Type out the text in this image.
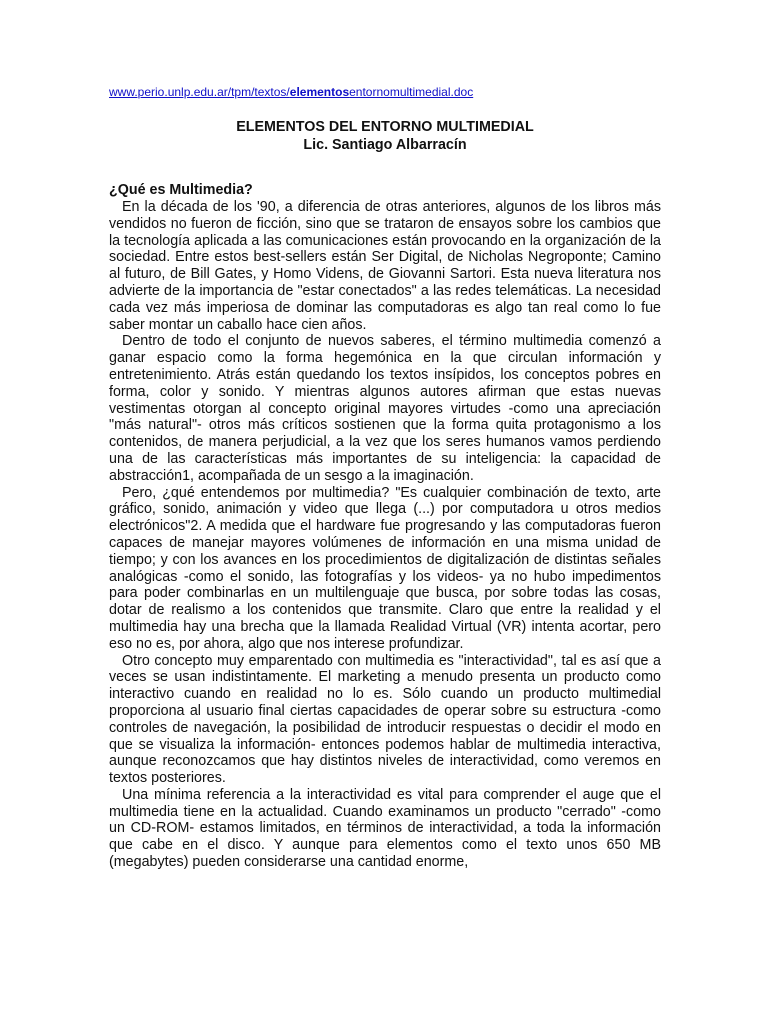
www.perio.unlp.edu.ar/tpm/textos/elementosentornomultimedial.doc
ELEMENTOS DEL ENTORNO MULTIMEDIAL
Lic. Santiago Albarracín
¿Qué es Multimedia?

En la década de los '90, a diferencia de otras anteriores, algunos de los libros más vendidos no fueron de ficción, sino que se trataron de ensayos sobre los cambios que la tecnología aplicada a las comunicaciones están provocando en la organización de la sociedad. Entre estos best-sellers están Ser Digital, de Nicholas Negroponte; Camino al futuro, de Bill Gates, y Homo Videns, de Giovanni Sartori. Esta nueva literatura nos advierte de la importancia de "estar conectados" a las redes telemáticas. La necesidad cada vez más imperiosa de dominar las computadoras es algo tan real como lo fue saber montar un caballo hace cien años.

Dentro de todo el conjunto de nuevos saberes, el término multimedia comenzó a ganar espacio como la forma hegemónica en la que circulan información y entretenimiento. Atrás están quedando los textos insípidos, los conceptos pobres en forma, color y sonido. Y mientras algunos autores afirman que estas nuevas vestimentas otorgan al concepto original mayores virtudes -como una apreciación "más natural"- otros más críticos sostienen que la forma quita protagonismo a los contenidos, de manera perjudicial, a la vez que los seres humanos vamos perdiendo una de las características más importantes de su inteligencia: la capacidad de abstracción1, acompañada de un sesgo a la imaginación.

Pero, ¿qué entendemos por multimedia? "Es cualquier combinación de texto, arte gráfico, sonido, animación y video que llega (...) por computadora u otros medios electrónicos"2. A medida que el hardware fue progresando y las computadoras fueron capaces de manejar mayores volúmenes de información en una misma unidad de tiempo; y con los avances en los procedimientos de digitalización de distintas señales analógicas -como el sonido, las fotografías y los videos- ya no hubo impedimentos para poder combinarlas en un multilenguaje que busca, por sobre todas las cosas, dotar de realismo a los contenidos que transmite. Claro que entre la realidad y el multimedia hay una brecha que la llamada Realidad Virtual (VR) intenta acortar, pero eso no es, por ahora, algo que nos interese profundizar.

Otro concepto muy emparentado con multimedia es "interactividad", tal es así que a veces se usan indistintamente. El marketing a menudo presenta un producto como interactivo cuando en realidad no lo es. Sólo cuando un producto multimedial proporciona al usuario final ciertas capacidades de operar sobre su estructura -como controles de navegación, la posibilidad de introducir respuestas o decidir el modo en que se visualiza la información- entonces podemos hablar de multimedia interactiva, aunque reconozcamos que hay distintos niveles de interactividad, como veremos en textos posteriores.

Una mínima referencia a la interactividad es vital para comprender el auge que el multimedia tiene en la actualidad. Cuando examinamos un producto "cerrado" -como un CD-ROM- estamos limitados, en términos de interactividad, a toda la información que cabe en el disco. Y aunque para elementos como el texto unos 650 MB (megabytes) pueden considerarse una cantidad enorme,
